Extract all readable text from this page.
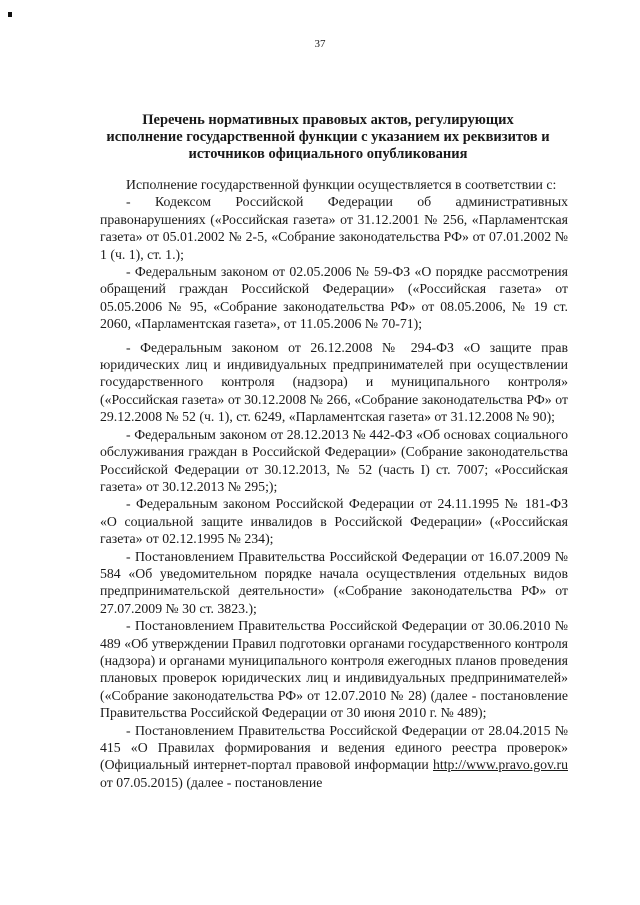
37
Перечень нормативных правовых актов, регулирующих
исполнение государственной функции с указанием их реквизитов и
источников официального опубликования

Исполнение государственной функции осуществляется в соответствии с:

- Кодексом Российской Федерации об административных правонарушениях («Российская газета» от 31.12.2001 № 256, «Парламентская газета» от 05.01.2002 № 2-5, «Собрание законодательства РФ» от 07.01.2002 № 1 (ч. 1), ст. 1.);

- Федеральным законом от 02.05.2006 № 59-ФЗ «О порядке рассмотрения обращений граждан Российской Федерации» («Российская газета» от 05.05.2006 № 95, «Собрание законодательства РФ» от 08.05.2006, № 19 ст. 2060, «Парламентская газета», от 11.05.2006 № 70-71);

- Федеральным законом от 26.12.2008 № 294-ФЗ «О защите прав юридических лиц и индивидуальных предпринимателей при осуществлении государственного контроля (надзора) и муниципального контроля» («Российская газета» от 30.12.2008 № 266, «Собрание законодательства РФ» от 29.12.2008 № 52 (ч. 1), ст. 6249, «Парламентская газета» от 31.12.2008 № 90);

- Федеральным законом от 28.12.2013 № 442-ФЗ «Об основах социального обслуживания граждан в Российской Федерации» (Собрание законодательства Российской Федерации от 30.12.2013, № 52 (часть I) ст. 7007; «Российская газета» от 30.12.2013 № 295;);

- Федеральным законом Российской Федерации от 24.11.1995 № 181-ФЗ «О социальной защите инвалидов в Российской Федерации» («Российская газета» от 02.12.1995 № 234);

- Постановлением Правительства Российской Федерации от 16.07.2009 № 584 «Об уведомительном порядке начала осуществления отдельных видов предпринимательской деятельности» («Собрание законодательства РФ» от 27.07.2009 № 30 ст. 3823.);

- Постановлением Правительства Российской Федерации от 30.06.2010 № 489 «Об утверждении Правил подготовки органами государственного контроля (надзора) и органами муниципального контроля ежегодных планов проведения плановых проверок юридических лиц и индивидуальных предпринимателей» («Собрание законодательства РФ» от 12.07.2010 № 28) (далее - постановление Правительства Российской Федерации от 30 июня 2010 г. № 489);

- Постановлением Правительства Российской Федерации от 28.04.2015 № 415 «О Правилах формирования и ведения единого реестра проверок» (Официальный интернет-портал правовой информации http://www.pravo.gov.ru от 07.05.2015) (далее - постановление
